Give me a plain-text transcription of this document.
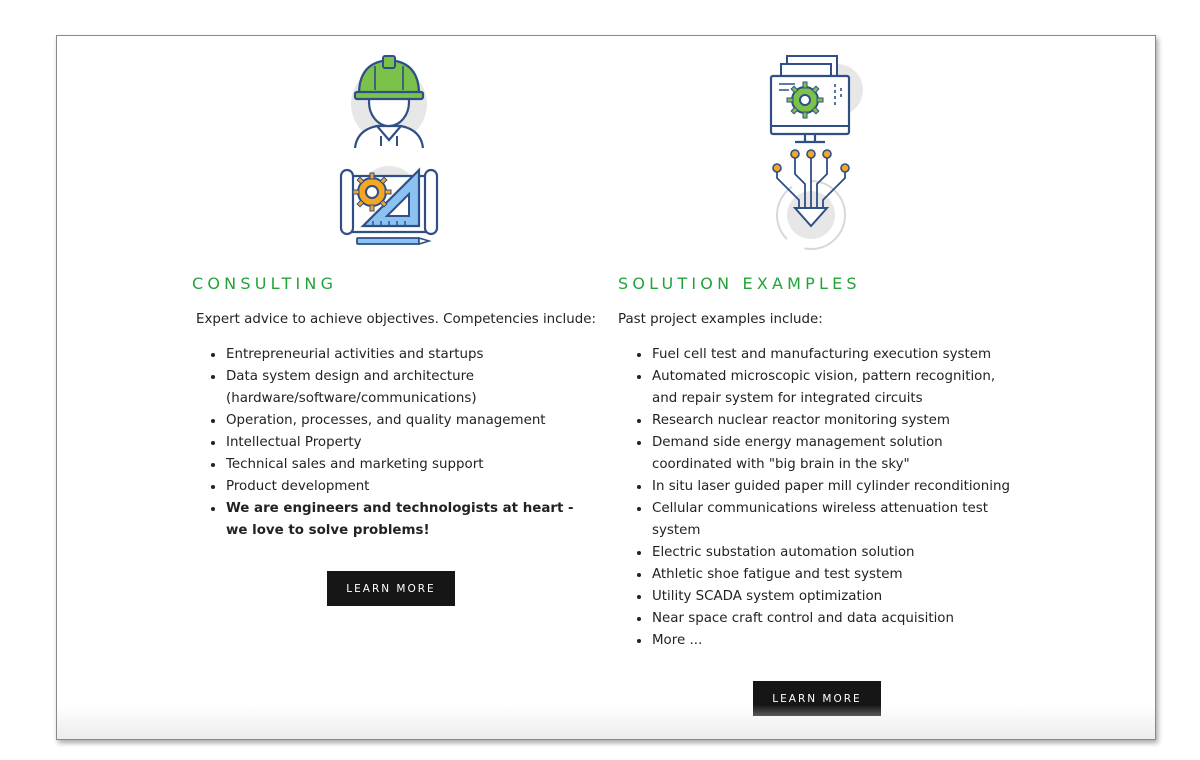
CONSULTING

Expert advice to achieve objectives. Competencies include:

Entrepreneurial activities and startups
Data system design and architecture (hardware/software/communications)
Operation, processes, and quality management
Intellectual Property
Technical sales and marketing support
Product development
We are engineers and technologists at heart - we love to solve problems!
LEARN MORE
SOLUTION EXAMPLES

Past project examples include:

Fuel cell test and manufacturing execution system
Automated microscopic vision, pattern recognition, and repair system for integrated circuits
Research nuclear reactor monitoring system
Demand side energy management solution coordinated with "big brain in the sky"
In situ laser guided paper mill cylinder reconditioning
Cellular communications wireless attenuation test system
Electric substation automation solution
Athletic shoe fatigue and test system
Utility SCADA system optimization
Near space craft control and data acquisition
More ...
LEARN MORE
